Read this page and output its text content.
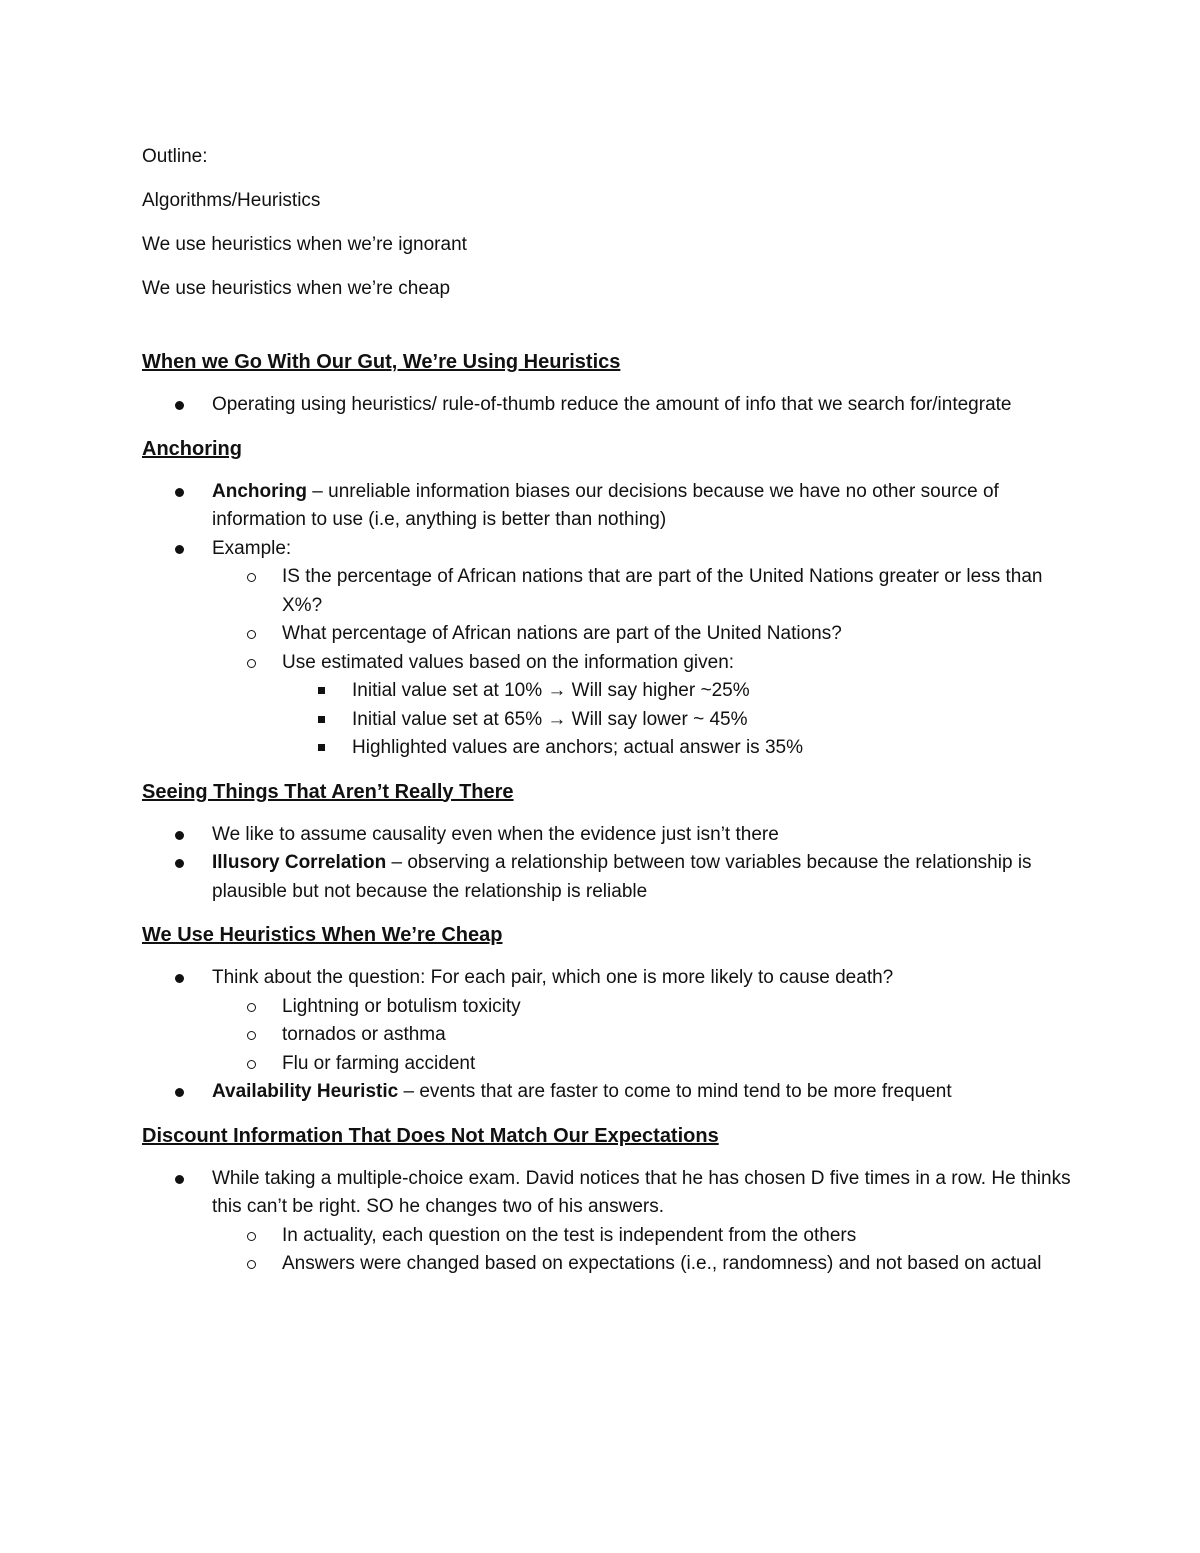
Outline:

Algorithms/Heuristics

We use heuristics when we’re ignorant

We use heuristics when we’re cheap

When we Go With Our Gut, We’re Using Heuristics
Operating using heuristics/ rule-of-thumb reduce the amount of info that we search for/integrate
Anchoring
Anchoring – unreliable information biases our decisions because we have no other source of information to use (i.e, anything is better than nothing)
Example:
IS the percentage of African nations that are part of the United Nations greater or less than X%?
What percentage of African nations are part of the United Nations?
Use estimated values based on the information given:
Initial value set at 10% → Will say higher ~25%
Initial value set at 65% → Will say lower ~ 45%
Highlighted values are anchors; actual answer is 35%
Seeing Things That Aren’t Really There
We like to assume causality even when the evidence just isn’t there
Illusory Correlation – observing a relationship between tow variables because the relationship is plausible but not because the relationship is reliable
We Use Heuristics When We’re Cheap
Think about the question: For each pair, which one is more likely to cause death?
Lightning or botulism toxicity
tornados or asthma
Flu or farming accident
Availability Heuristic – events that are faster to come to mind tend to be more frequent
Discount Information That Does Not Match Our Expectations
While taking a multiple-choice exam. David notices that he has chosen D five times in a row. He thinks this can’t be right. SO he changes two of his answers.
In actuality, each question on the test is independent from the others
Answers were changed based on expectations (i.e., randomness) and not based on actual
